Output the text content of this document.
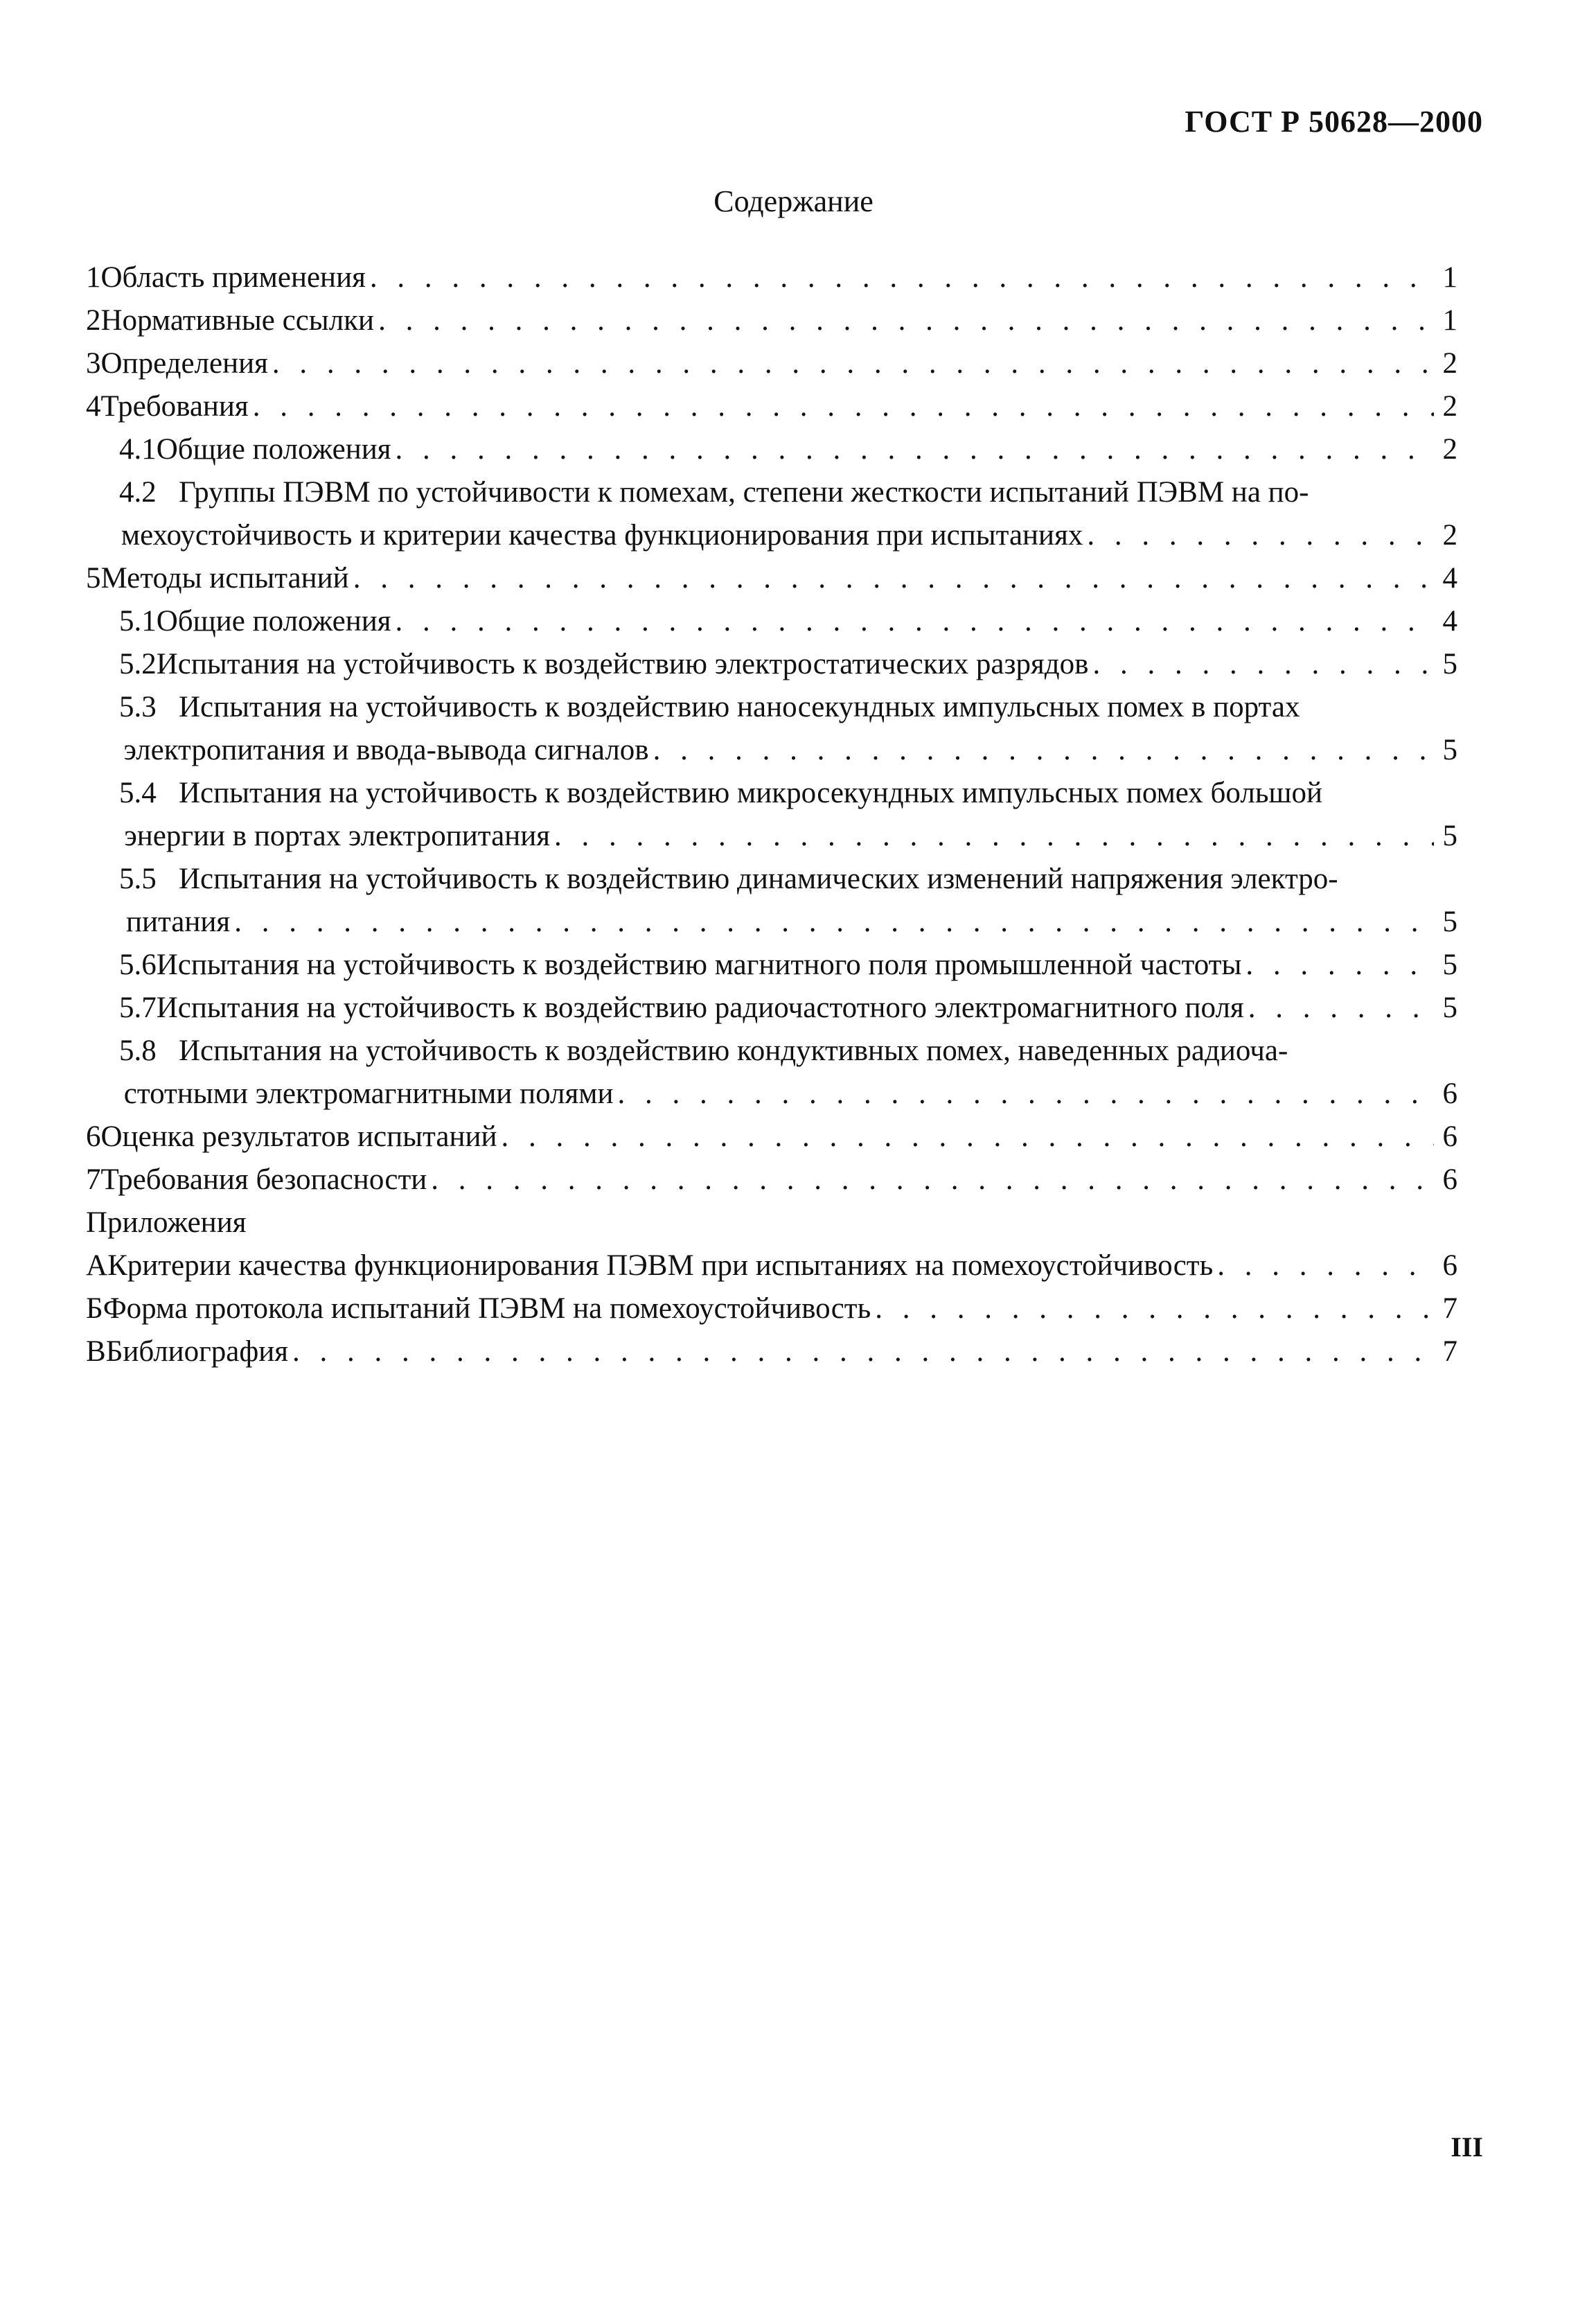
ГОСТ Р 50628—2000
Содержание
1 Область применения . . .	1
2 Нормативные ссылки . . .	1
3 Определения . . .	2
4 Требования . . .	2
4.1 Общие положения . . .	2
4.2 Группы ПЭВМ по устойчивости к помехам, степени жесткости испытаний ПЭВМ на по-
мехоустойчивость и критерии качества функционирования при испытаниях . . .	2
5 Методы испытаний . . .	4
5.1 Общие положения . . .	4
5.2 Испытания на устойчивость к воздействию электростатических разрядов . . .	5
5.3 Испытания на устойчивость к воздействию наносекундных импульсных помех в портах
электропитания и ввода-вывода сигналов . . .	5
5.4 Испытания на устойчивость к воздействию микросекундных импульсных помех большой
энергии в портах электропитания . . .	5
5.5 Испытания на устойчивость к воздействию динамических изменений напряжения электро-
питания . . .	5
5.6 Испытания на устойчивость к воздействию магнитного поля промышленной частоты . . .	5
5.7 Испытания на устойчивость к воздействию радиочастотного электромагнитного поля . . .	5
5.8 Испытания на устойчивость к воздействию кондуктивных помех, наведенных радиоча-
стотными электромагнитными полями . . .	6
6 Оценка результатов испытаний . . .	6
7 Требования безопасности . . .	6
Приложения
А Критерии качества функционирования ПЭВМ при испытаниях на помехоустойчивость . . .	6
Б Форма протокола испытаний ПЭВМ на помехоустойчивость . . .	7
В Библиография . . .	7
III
